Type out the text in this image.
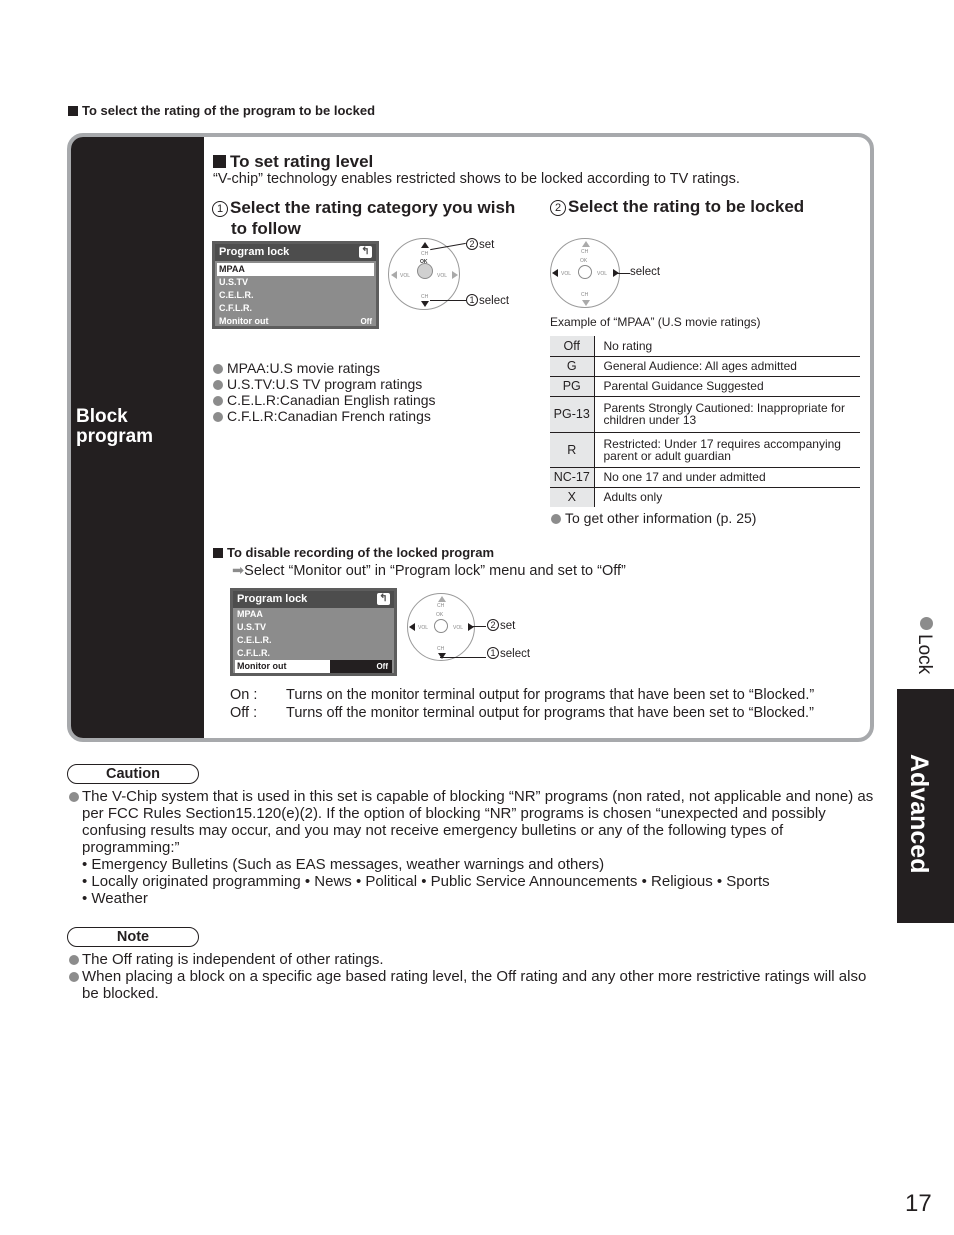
To select the rating of the program to be locked
Block program
To set rating level
“V-chip” technology enables restricted shows to be locked according to TV ratings.
1 Select the rating category you wish
to follow
2 Select the rating to be locked
Program lock	↰
MPAA
U.S.TV
C.E.L.R.
C.F.L.R.
Monitor out	Off
OK
CH
CH
VOL	VOL
2 set
1 select
OK
CH
CH
VOL	VOL select
MPAA:U.S movie ratings
U.S.TV:U.S TV program ratings
C.E.L.R:Canadian English ratings
C.F.L.R:Canadian French ratings
Example of “MPAA” (U.S movie ratings)
Off	No rating
G	General Audience: All ages admitted
PG	Parental Guidance Suggested
PG-13	Parents Strongly Cautioned: Inappropriate for children under 13
R	Restricted: Under 17 requires accompanying parent or adult guardian
NC-17	No one 17 and under admitted
X	Adults only
To get other information (p. 25)
To disable recording of the locked program
➡Select “Monitor out” in “Program lock” menu and set to “Off”
Program lock	↰
MPAA
U.S.TV
C.E.L.R.
C.F.L.R.
Monitor out	Off
OK
CH
CH
VOL	VOL	2 set
1 select
On : Turns on the monitor terminal output for programs that have been set to “Blocked.”
Off : Turns off the monitor terminal output for programs that have been set to “Blocked.”
Caution
The V-Chip system that is used in this set is capable of blocking “NR” programs (non rated, not applicable and none) as per FCC Rules Section15.120(e)(2). If the option of blocking “NR” programs is chosen “unexpected and possibly confusing results may occur, and you may not receive emergency bulletins or any of the following types of programming:”
• Emergency Bulletins (Such as EAS messages, weather warnings and others)
• Locally originated programming • News • Political • Public Service Announcements • Religious • Sports
• Weather
Note
The Off rating is independent of other ratings.
When placing a block on a specific age based rating level, the Off rating and any other more restrictive ratings will also be blocked.
Lock
Advanced
17
